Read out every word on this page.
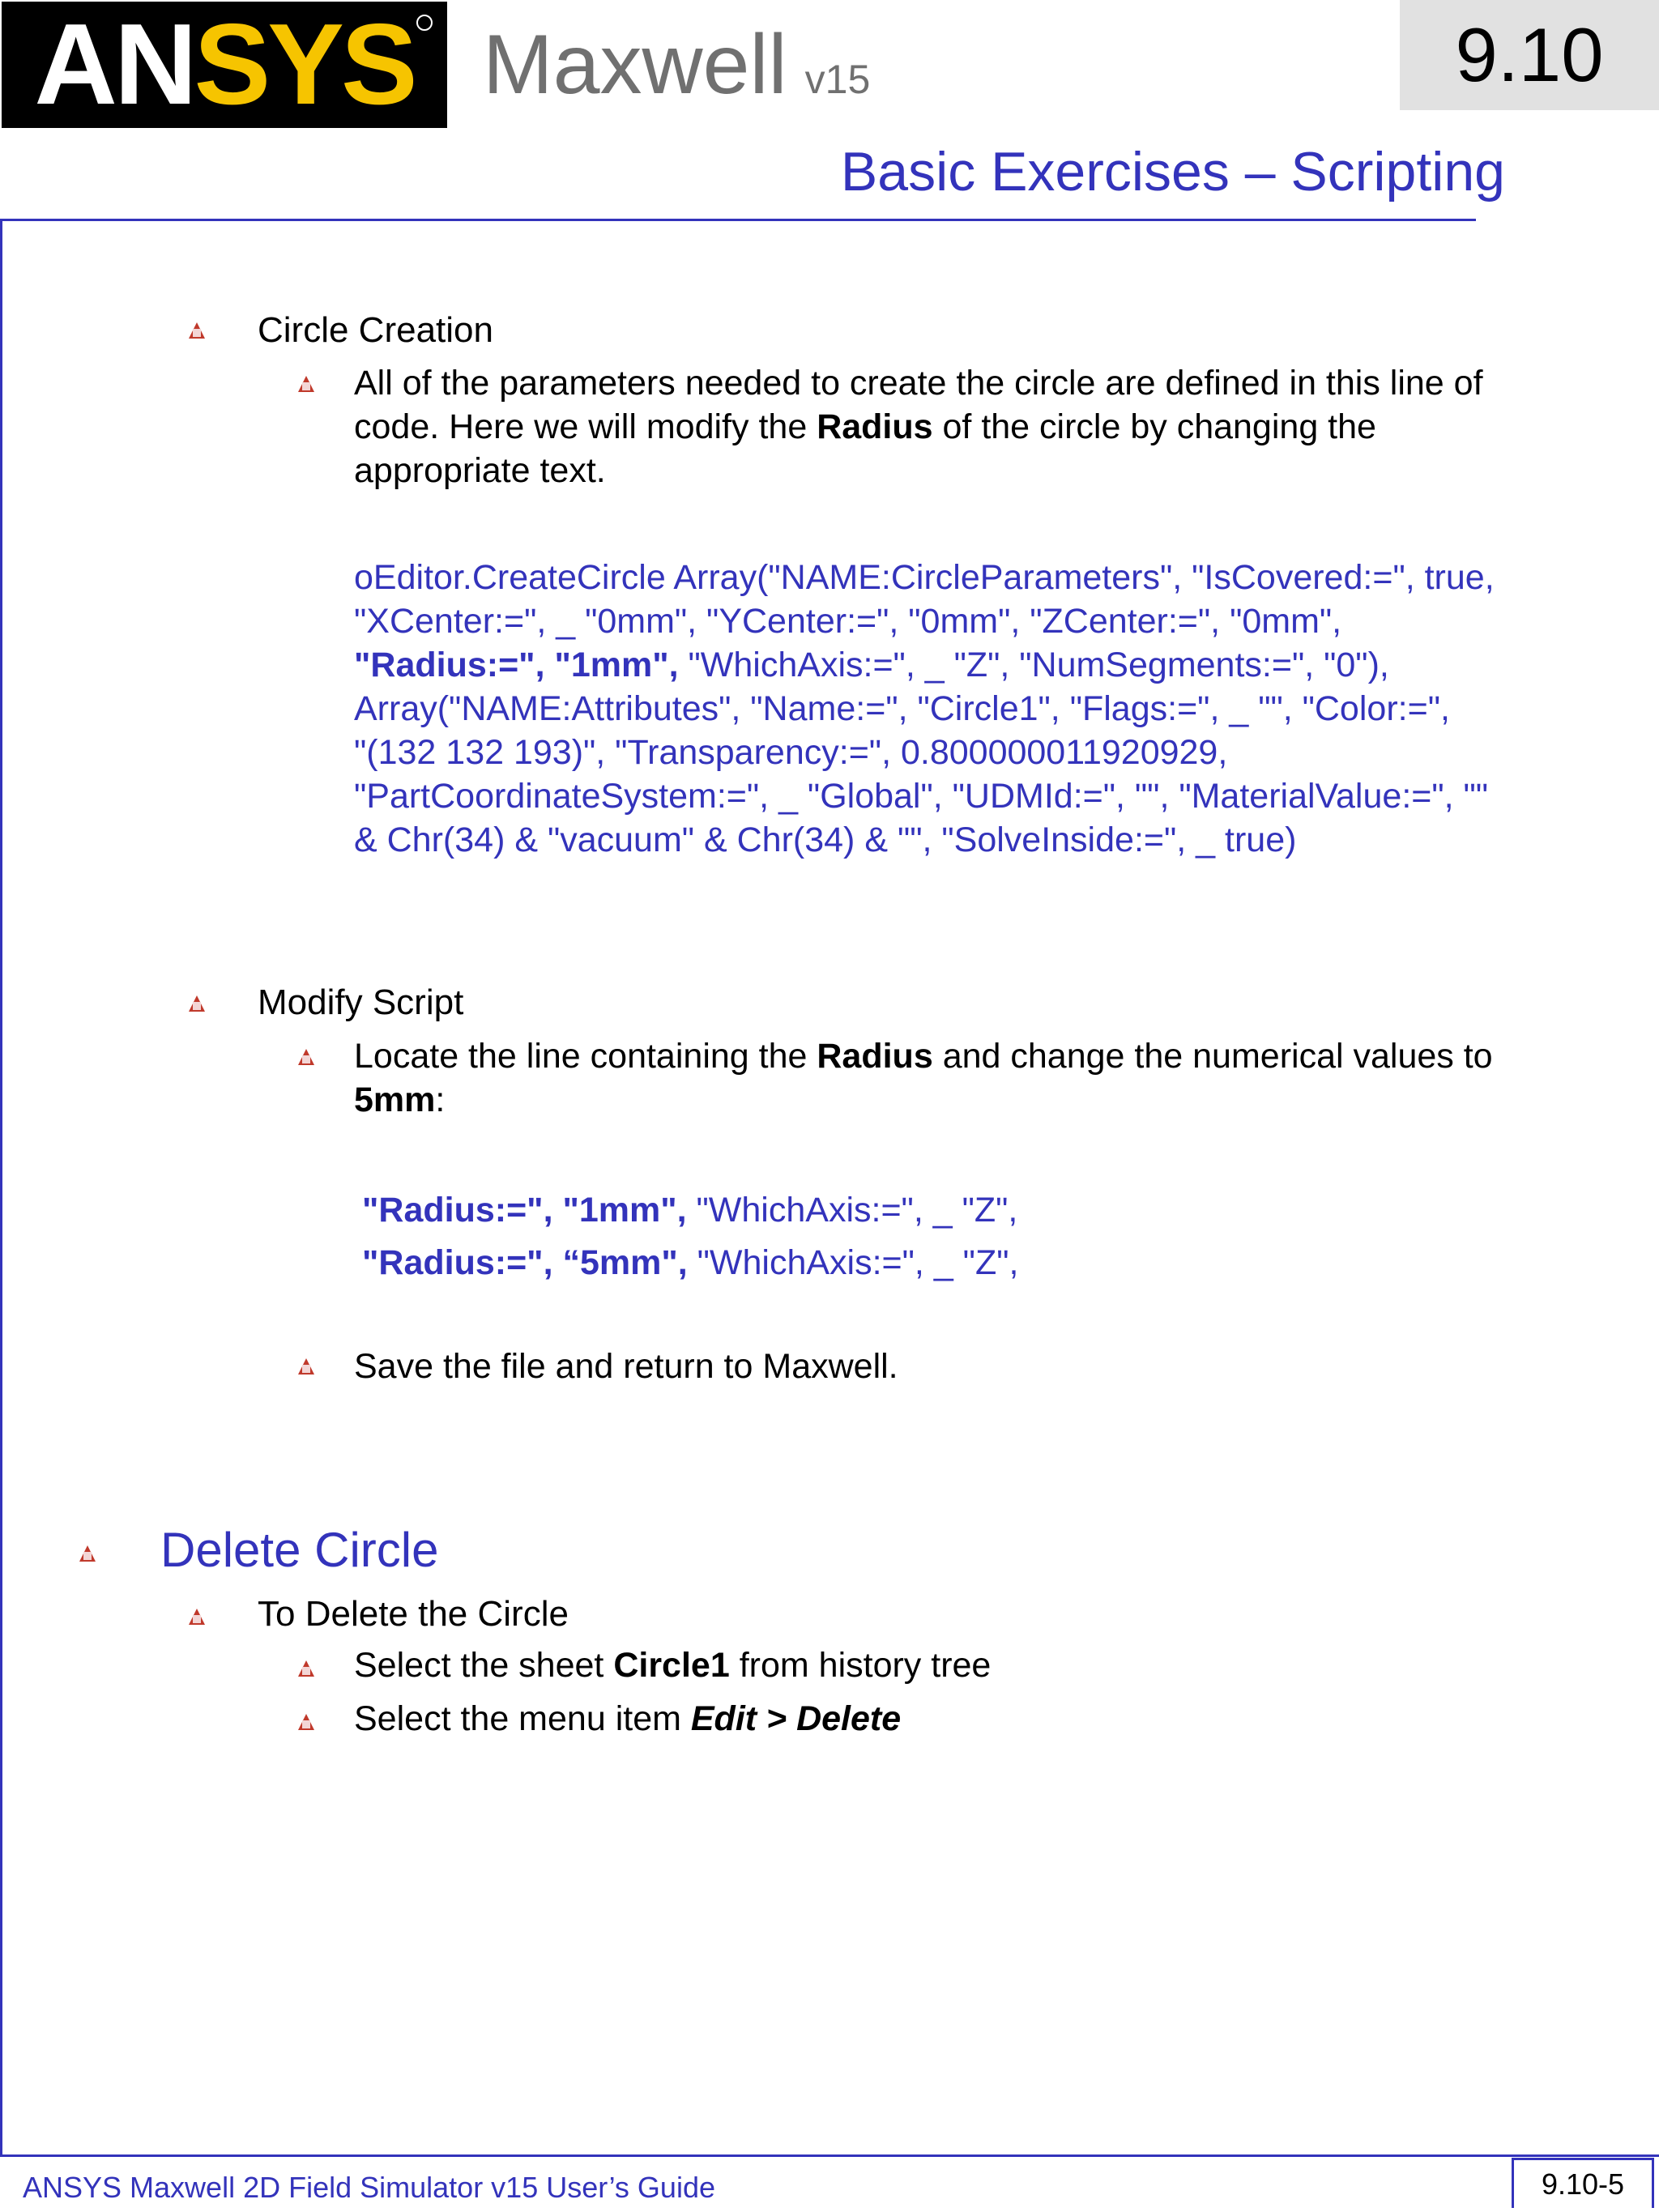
AN SYS Maxwell v15	9.10
Basic Exercises – Scripting
Circle Creation
All of the parameters needed to create the circle are defined in this line of
code. Here we will modify the Radius of the circle by changing the
appropriate text.
oEditor.CreateCircle Array("NAME:CircleParameters", "IsCovered:=", true,
"XCenter:=", _ "0mm", "YCenter:=", "0mm", "ZCenter:=", "0mm",
"Radius:=", "1mm", "WhichAxis:=", _ "Z", "NumSegments:=", "0"),
Array("NAME:Attributes", "Name:=", "Circle1", "Flags:=", _ "", "Color:=",
"(132 132 193)", "Transparency:=", 0.800000011920929,
"PartCoordinateSystem:=", _ "Global", "UDMId:=", "", "MaterialValue:=", ""
& Chr(34) & "vacuum" & Chr(34) & "", "SolveInside:=", _ true)
Modify Script
Locate the line containing the Radius and change the numerical values to
5mm:
"Radius:=", "1mm", "WhichAxis:=", _ "Z",
"Radius:=", “5mm", "WhichAxis:=", _ "Z",
Save the file and return to Maxwell.
Delete Circle
To Delete the Circle
Select the sheet Circle1 from history tree
Select the menu item Edit > Delete
ANSYS Maxwell 2D Field Simulator v15 User’s Guide	9.10-5
